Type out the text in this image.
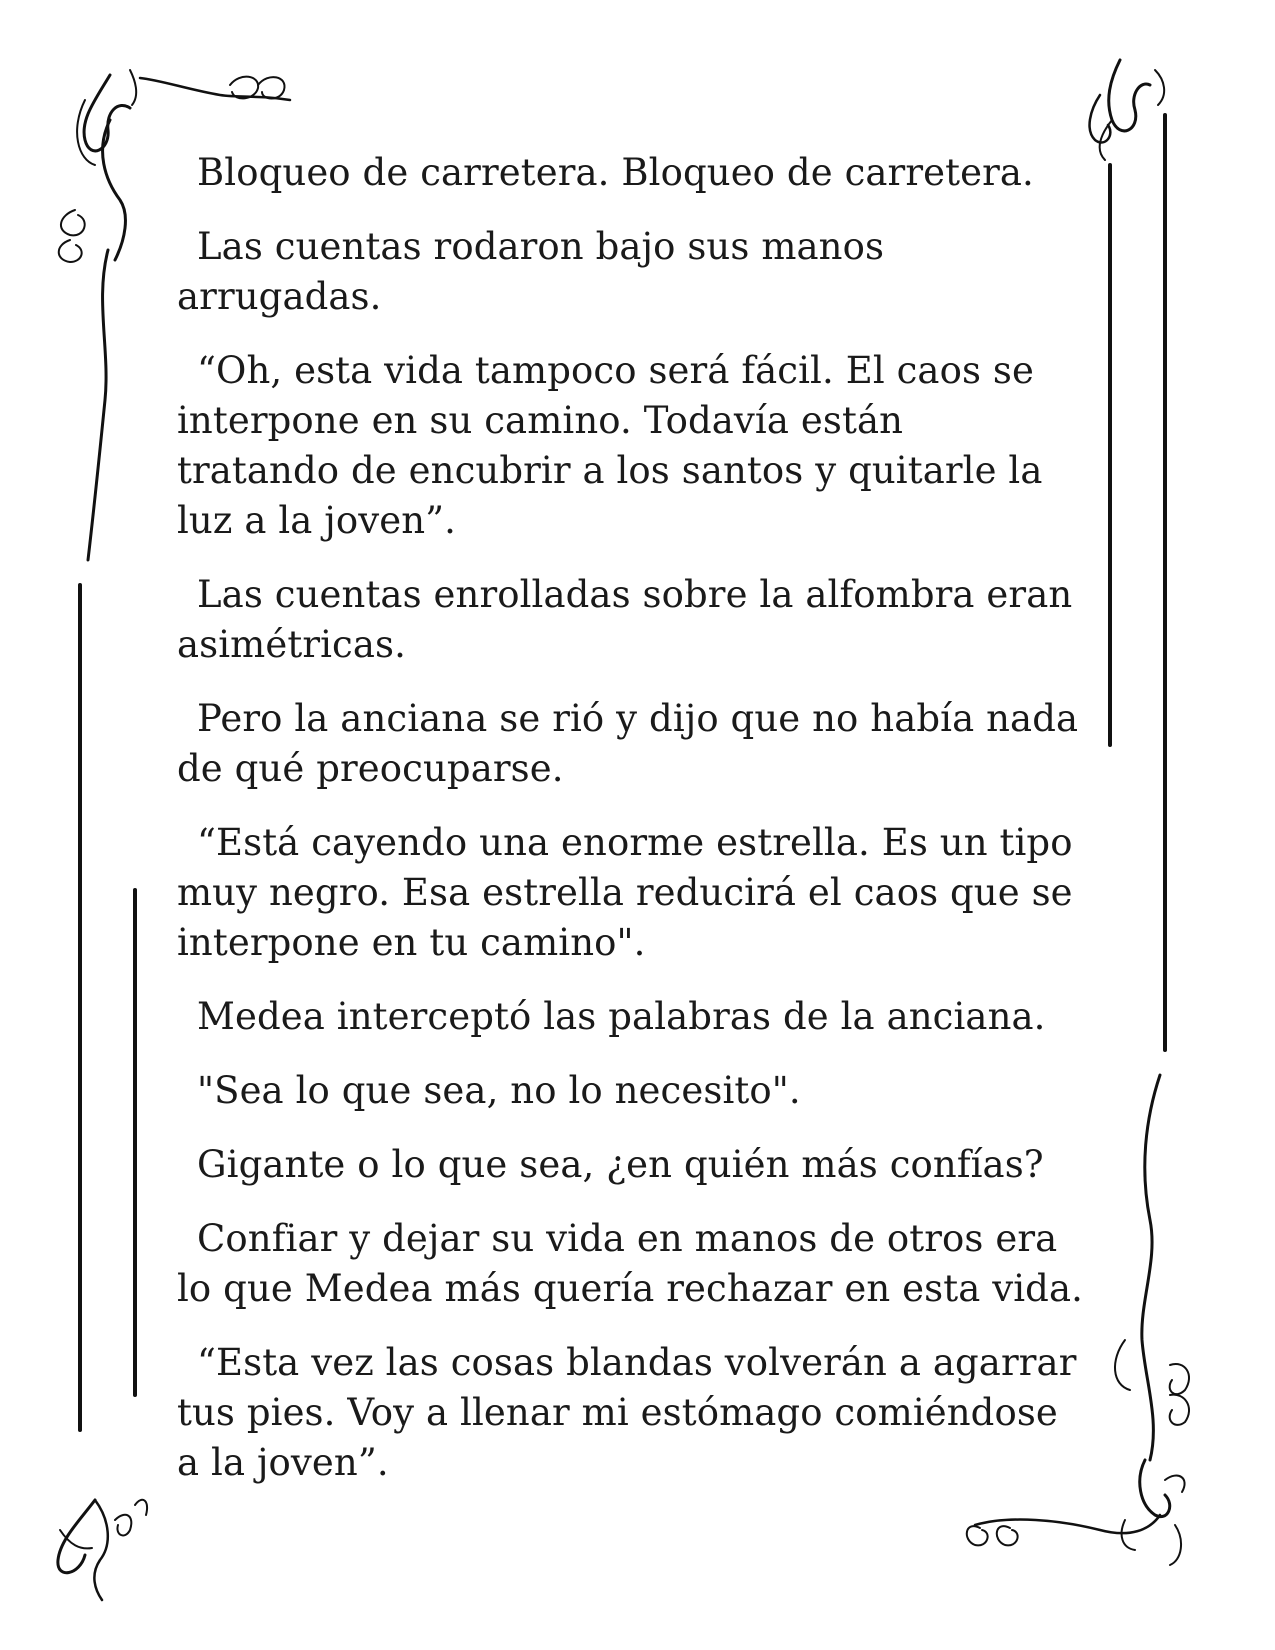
Bloqueo de carretera. Bloqueo de carretera.

Las cuentas rodaron bajo sus manos
arrugadas.

“Oh, esta vida tampoco será fácil. El caos se
interpone en su camino. Todavía están
tratando de encubrir a los santos y quitarle la
luz a la joven”.

Las cuentas enrolladas sobre la alfombra eran
asimétricas.

Pero la anciana se rió y dijo que no había nada
de qué preocuparse.

“Está cayendo una enorme estrella. Es un tipo
muy negro. Esa estrella reducirá el caos que se
interpone en tu camino".

Medea interceptó las palabras de la anciana.

"Sea lo que sea, no lo necesito".

Gigante o lo que sea, ¿en quién más confías?

Confiar y dejar su vida en manos de otros era
lo que Medea más quería rechazar en esta vida.

“Esta vez las cosas blandas volverán a agarrar
tus pies. Voy a llenar mi estómago comiéndose
a la joven”.
